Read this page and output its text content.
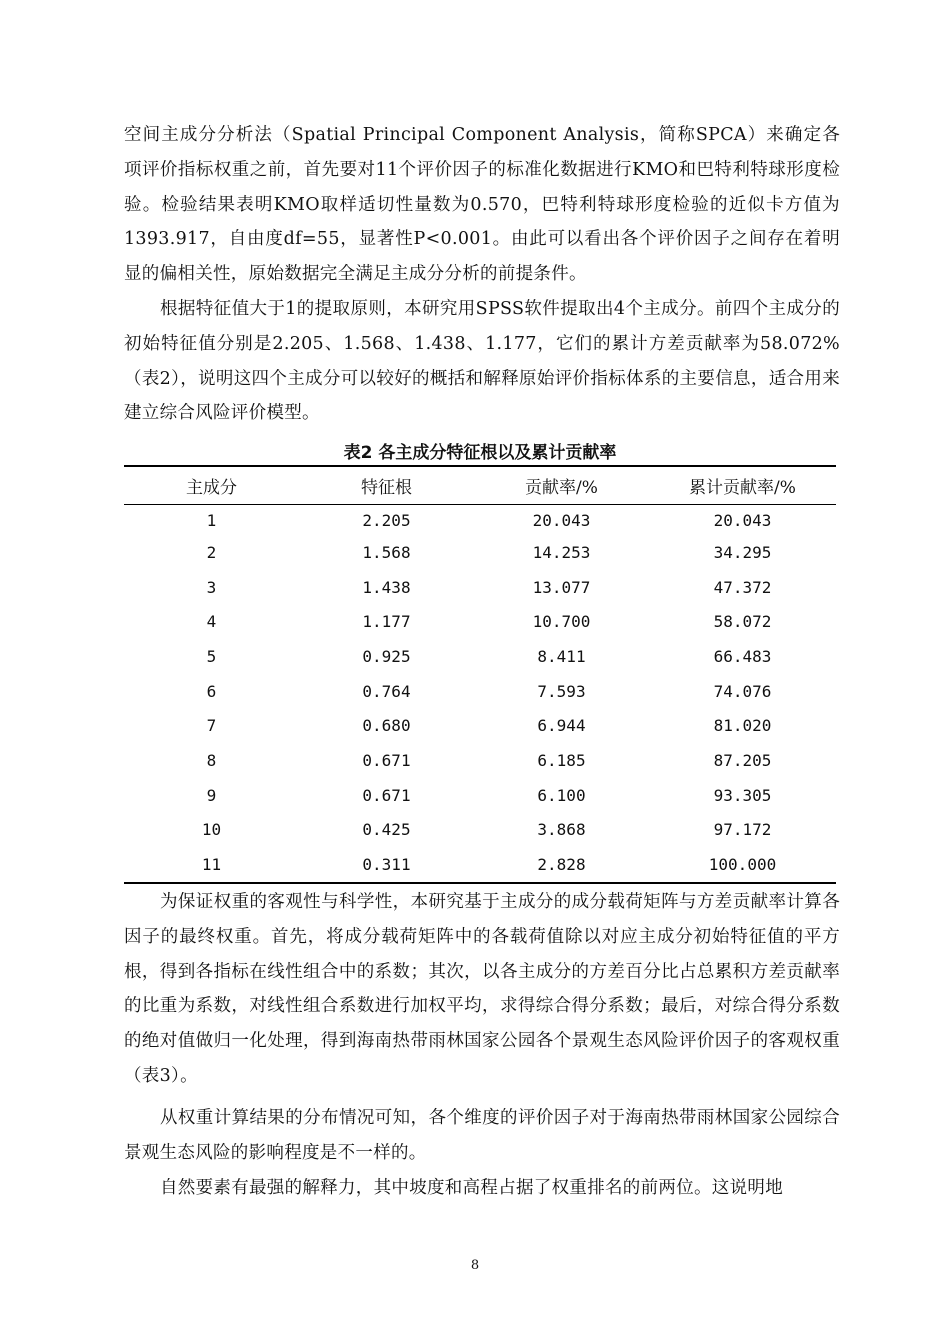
空间主成分分析法（Spatial Principal Component Analysis，简称SPCA）来确定各项评价指标权重之前，首先要对11个评价因子的标准化数据进行KMO和巴特利特球形度检验。检验结果表明KMO取样适切性量数为0.570，巴特利特球形度检验的近似卡方值为1393.917，自由度df=55，显著性P<0.001。由此可以看出各个评价因子之间存在着明显的偏相关性，原始数据完全满足主成分分析的前提条件。

根据特征值大于1的提取原则，本研究用SPSS软件提取出4个主成分。前四个主成分的初始特征值分别是2.205、1.568、1.438、1.177，它们的累计方差贡献率为58.072%（表2），说明这四个主成分可以较好的概括和解释原始评价指标体系的主要信息，适合用来建立综合风险评价模型。

表2 各主成分特征根以及累计贡献率
主成分	特征根	贡献率/%	累计贡献率/%
1	2.205	20.043	20.043
2	1.568	14.253	34.295
3	1.438	13.077	47.372
4	1.177	10.700	58.072
5	0.925	8.411	66.483
6	0.764	7.593	74.076
7	0.680	6.944	81.020
8	0.671	6.185	87.205
9	0.671	6.100	93.305
10	0.425	3.868	97.172
11	0.311	2.828	100.000

为保证权重的客观性与科学性，本研究基于主成分的成分载荷矩阵与方差贡献率计算各因子的最终权重。首先，将成分载荷矩阵中的各载荷值除以对应主成分初始特征值的平方根，得到各指标在线性组合中的系数；其次，以各主成分的方差百分比占总累积方差贡献率的比重为系数，对线性组合系数进行加权平均，求得综合得分系数；最后，对综合得分系数的绝对值做归一化处理，得到海南热带雨林国家公园各个景观生态风险评价因子的客观权重（表3）。

从权重计算结果的分布情况可知，各个维度的评价因子对于海南热带雨林国家公园综合景观生态风险的影响程度是不一样的。

自然要素有最强的解释力，其中坡度和高程占据了权重排名的前两位。这说明地

8
